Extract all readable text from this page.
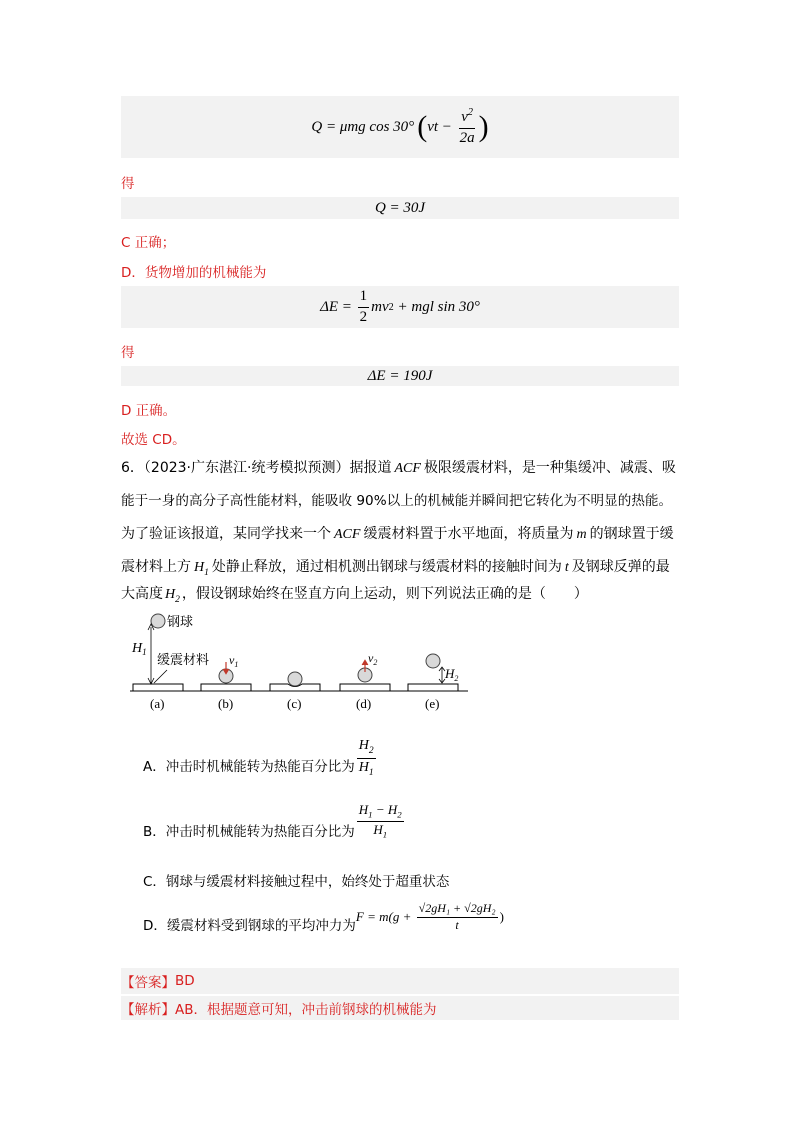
Q = μmg cos 30° ( vt − $\frac{v^2}{2a}$ )
得
Q = 30J
C 正确；
D．货物增加的机械能为
$\Delta E = \frac{1}{2}$ mv 2 + mgl sin 30°
得
ΔE = 190J
D 正确。
故选 CD。
6．（2023·广东湛江·统考模拟预测）据报道 ACF 极限缓震材料，是一种集缓冲、减震、吸
能于一身的高分子高性能材料，能吸收 90%以上的机械能并瞬间把它转化为不明显的热能。
为了验证该报道，某同学找来一个 ACF 缓震材料置于水平地面，将质量为 m 的钢球置于缓
震材料上方 $H_1$ 处静止释放，通过相机测出钢球与缓震材料的接触时间为 t 及钢球反弹的最
大高度 $H_2$ ，假设钢球始终在竖直方向上运动，则下列说法正确的是（　　）
$H_1$
钢球
缓震材料 $v_1$	$v_2$
$H_2$
(a)	(b)	(c)	(d)	(e)
A．冲击时机械能转为热能百分比为 $\frac{H_2}{H_1}$
B．冲击时机械能转为热能百分比为 $\frac{H_1 - H_2}{H_1}$
C．钢球与缓震材料接触过程中，始终处于超重状态
D．缓震材料受到钢球的平均冲力为
$F = m(g + \frac{\text{√2gH₁ + √2gH₂}}{t}$ )
【答案】 BD
【解析】 AB．根据题意可知，冲击前钢球的机械能为
